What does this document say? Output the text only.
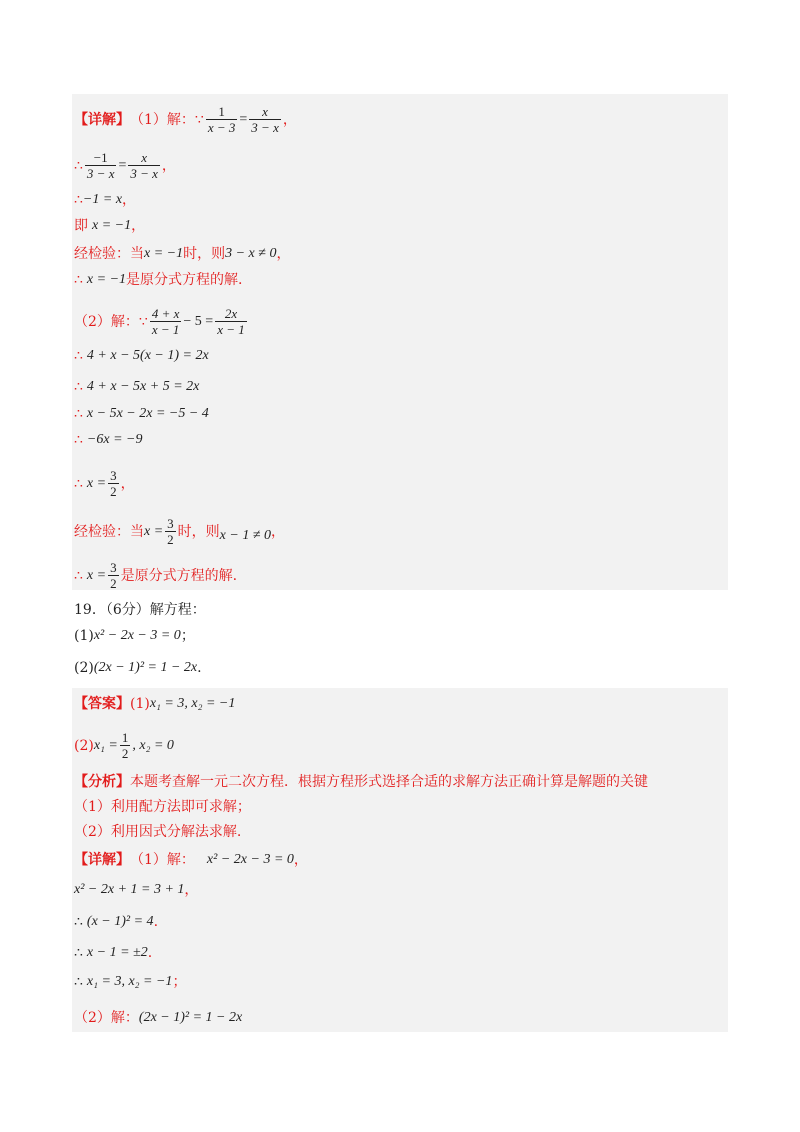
【详解】 （1） 解： ∵ $\frac{1}{x - 3} = \frac{x}{3 - x}$ ，
∴ $\frac{-1}{3 - x} = \frac{x}{3 - x}$ ，
∴ −1 = x ，
即 x = −1 ，
经检验：当 x = −1 时，则 3 − x ≠ 0 ，
∴ x = −1 是原分式方程的解.
（2） 解： ∵ $\frac{4 + x}{x - 1} - 5 = \frac{2x}{x - 1}$
∴ 4 + x − 5(x − 1) = 2x
∴ 4 + x − 5x + 5 = 2x
∴ x − 5x − 2x = −5 − 4
∴ −6x = −9
∴ $x = \frac{3}{2}$ ，
经检验：当 $x = \frac{3}{2}$ 时，则 x − 1 ≠ 0 ，
∴ $x = \frac{3}{2}$ 是原分式方程的解.
19．（6分）解方程：
(1) x² − 2x − 3 = 0 ；
(2) (2x − 1)² = 1 − 2x .
【答案】 (1) x₁ = 3, x₂ = −1
(2) $x_1 = \frac{1}{2}$ , x₂ = 0
【分析】 本题考查解一元二次方程．根据方程形式选择合适的求解方法正确计算是解题的关键
（1）利用配方法即可求解；
（2）利用因式分解法求解.
【详解】 （1） 解： x² − 2x − 3 = 0 ，
x² − 2x + 1 = 3 + 1 ，
∴ (x − 1)² = 4 .
∴ x − 1 = ±2 .
∴ x₁ = 3, x₂ = −1 ；
（2） 解： (2x − 1)² = 1 − 2x
